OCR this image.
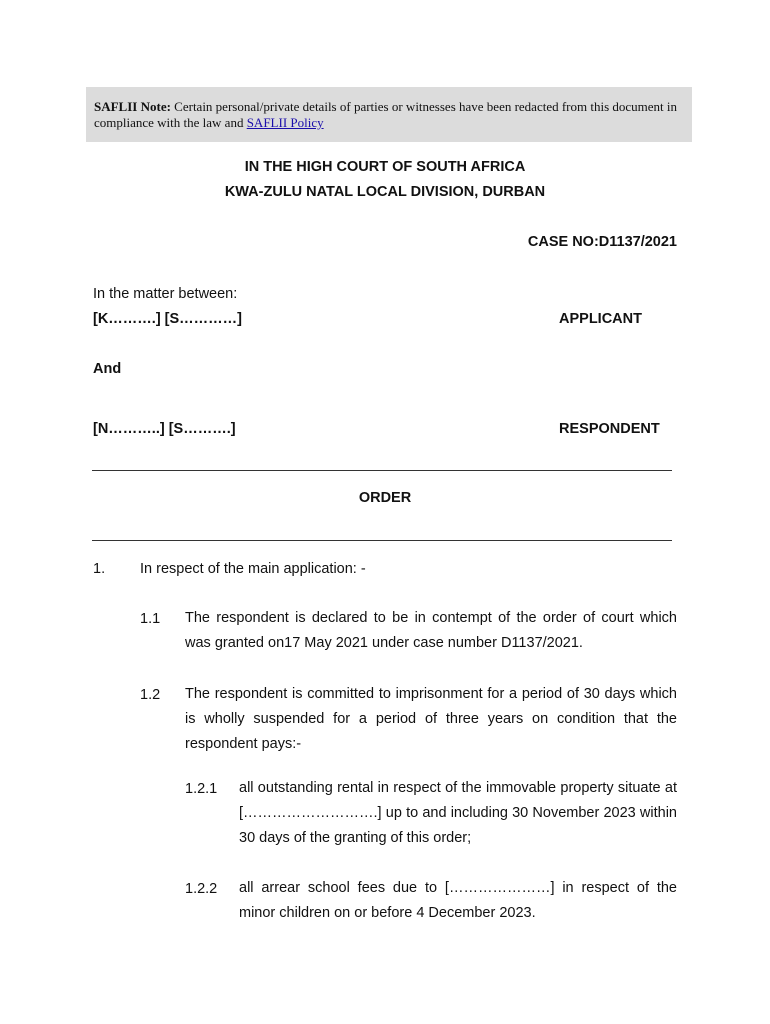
SAFLII Note: Certain personal/private details of parties or witnesses have been redacted from this document in compliance with the law and SAFLII Policy
IN THE HIGH COURT OF SOUTH AFRICA
KWA-ZULU NATAL LOCAL DIVISION, DURBAN
CASE NO:D1137/2021
In the matter between:
[K……….] [S…………]	APPLICANT
And
[N………..] [S……….]	RESPONDENT
ORDER
1. In respect of the main application: -
1.1 The respondent is declared to be in contempt of the order of court which was granted on17 May 2021 under case number D1137/2021.
1.2 The respondent is committed to imprisonment for a period of 30 days which is wholly suspended for a period of three years on condition that the respondent pays:-
1.2.1 all outstanding rental in respect of the immovable property situate at [……………………….] up to and including 30 November 2023 within 30 days of the granting of this order;
1.2.2 all arrear school fees due to […………………] in respect of the minor children on or before 4 December 2023.
